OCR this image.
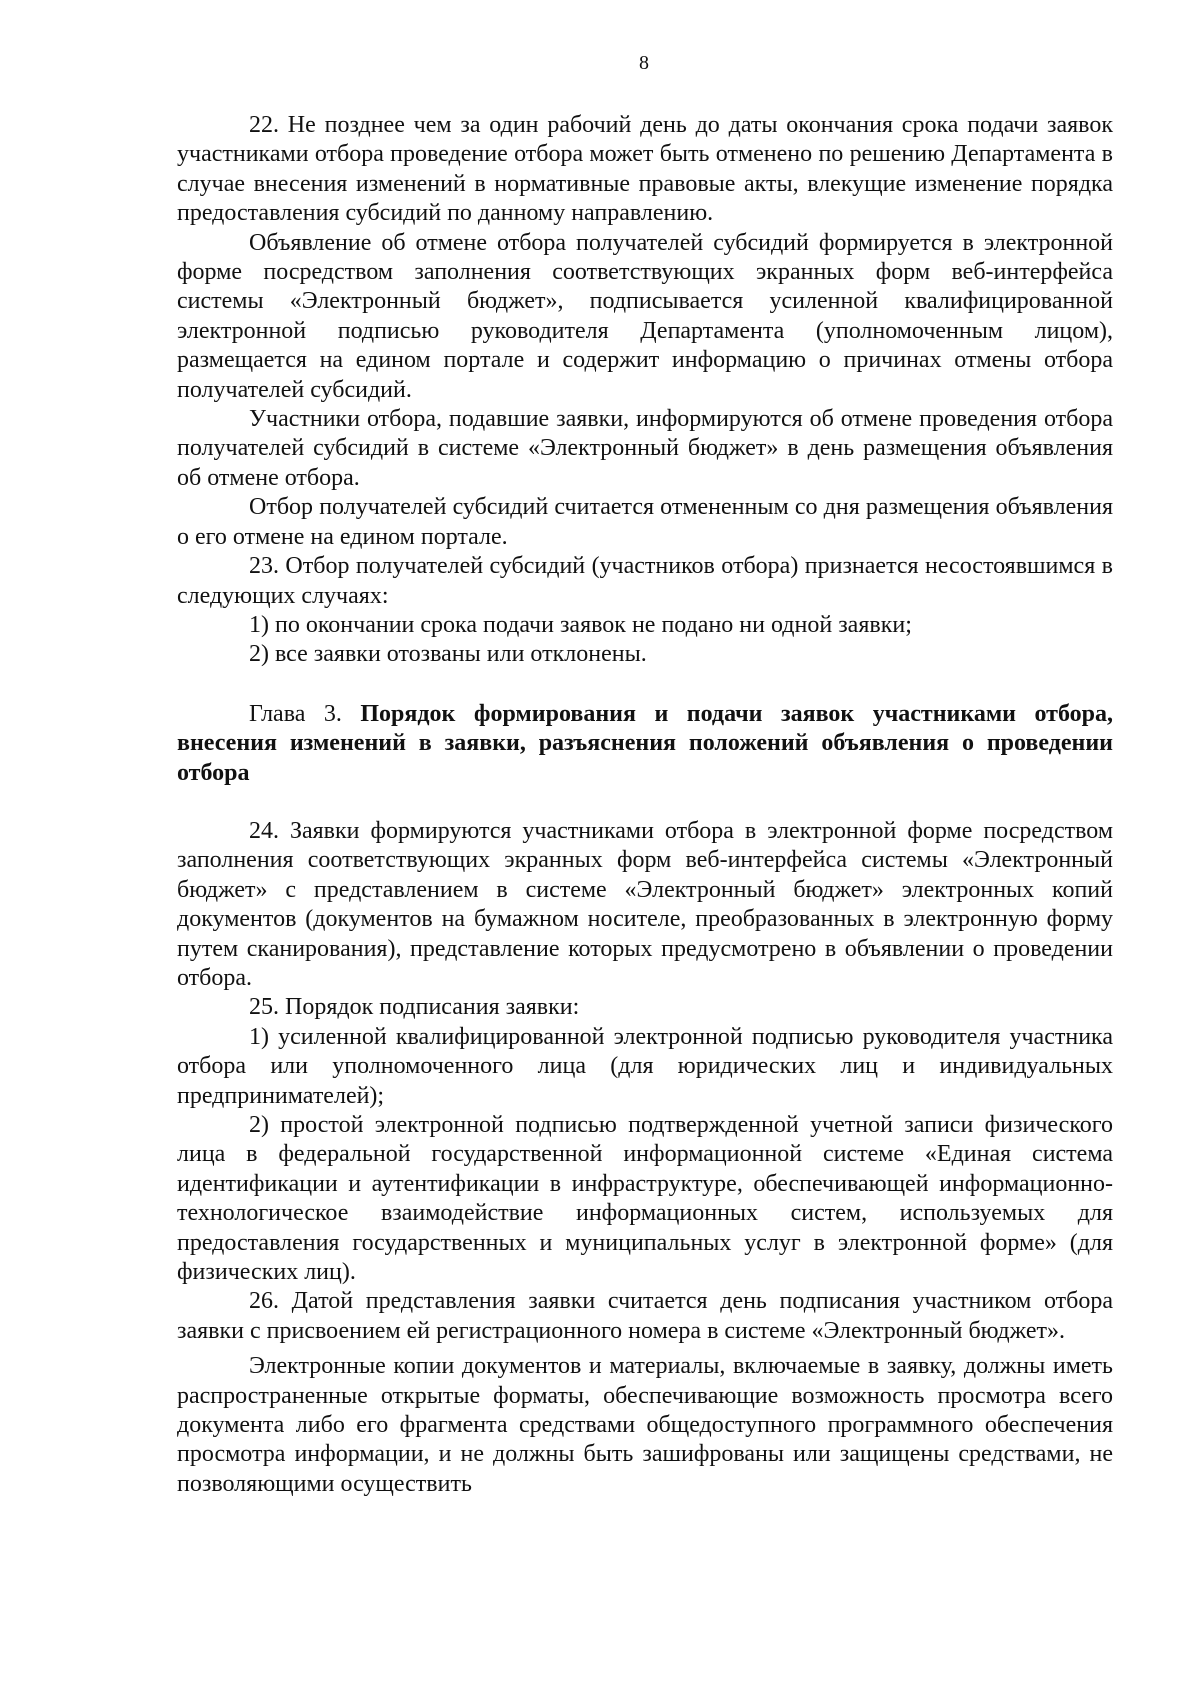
8

22. Не позднее чем за один рабочий день до даты окончания срока подачи заявок участниками отбора проведение отбора может быть отменено по решению Департамента в случае внесения изменений в нормативные правовые акты, влекущие изменение порядка предоставления субсидий по данному направлению.

Объявление об отмене отбора получателей субсидий формируется в электронной форме посредством заполнения соответствующих экранных форм веб-интерфейса системы «Электронный бюджет», подписывается усиленной квалифицированной электронной подписью руководителя Департамента (уполномоченным лицом), размещается на едином портале и содержит информацию о причинах отмены отбора получателей субсидий.

Участники отбора, подавшие заявки, информируются об отмене проведения отбора получателей субсидий в системе «Электронный бюджет» в день размещения объявления об отмене отбора.

Отбор получателей субсидий считается отмененным со дня размещения объявления о его отмене на едином портале.

23. Отбор получателей субсидий (участников отбора) признается несостоявшимся в следующих случаях:

1) по окончании срока подачи заявок не подано ни одной заявки;

2) все заявки отозваны или отклонены.

Глава 3. Порядок формирования и подачи заявок участниками отбора, внесения изменений в заявки, разъяснения положений объявления о проведении отбора

24. Заявки формируются участниками отбора в электронной форме посредством заполнения соответствующих экранных форм веб-интерфейса системы «Электронный бюджет» с представлением в системе «Электронный бюджет» электронных копий документов (документов на бумажном носителе, преобразованных в электронную форму путем сканирования), представление которых предусмотрено в объявлении о проведении отбора.

25. Порядок подписания заявки:

1) усиленной квалифицированной электронной подписью руководителя участника отбора или уполномоченного лица (для юридических лиц и индивидуальных предпринимателей);

2) простой электронной подписью подтвержденной учетной записи физического лица в федеральной государственной информационной системе «Единая система идентификации и аутентификации в инфраструктуре, обеспечивающей информационно-технологическое взаимодействие информационных систем, используемых для предоставления государственных и муниципальных услуг в электронной форме» (для физических лиц).

26. Датой представления заявки считается день подписания участником отбора заявки с присвоением ей регистрационного номера в системе «Электронный бюджет».

Электронные копии документов и материалы, включаемые в заявку, должны иметь распространенные открытые форматы, обеспечивающие возможность просмотра всего документа либо его фрагмента средствами общедоступного программного обеспечения просмотра информации, и не должны быть зашифрованы или защищены средствами, не позволяющими осуществить
